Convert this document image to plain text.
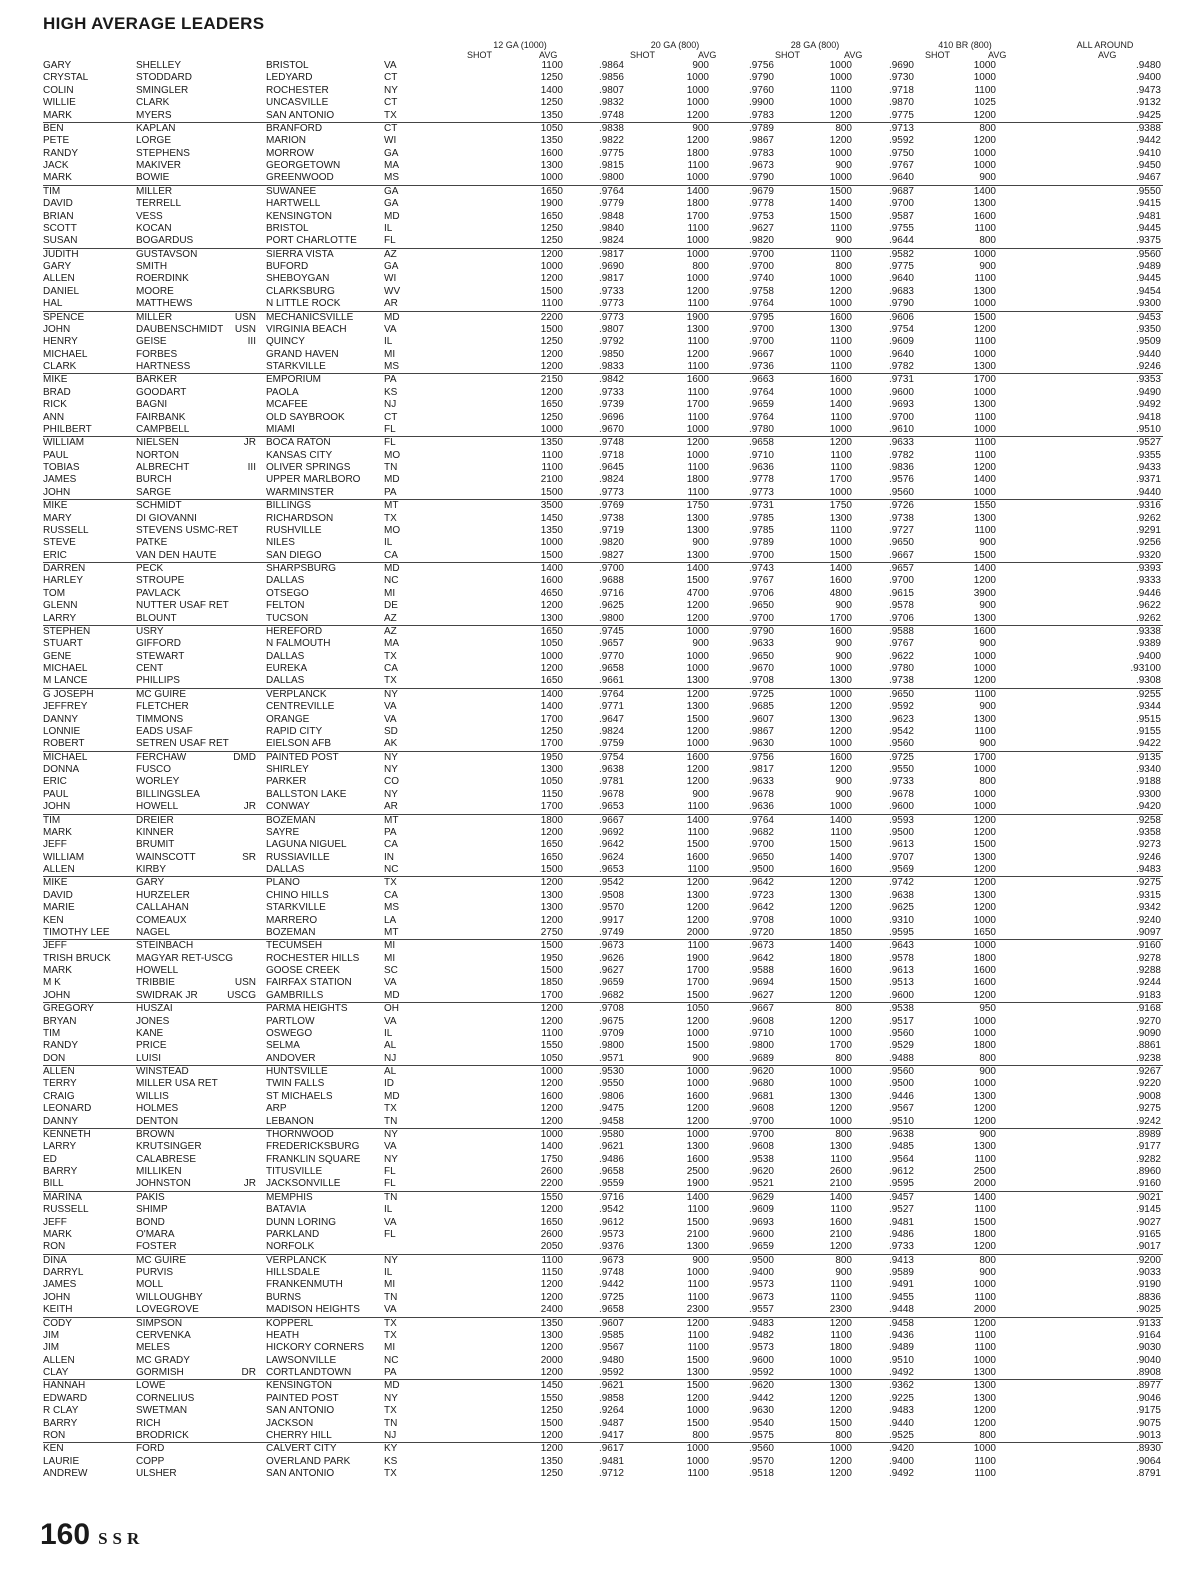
HIGH AVERAGE LEADERS
12 GA (1000)	20 GA (800)	28 GA (800)	410 BR (800)	ALL AROUND
SHOT	AVG	SHOT	AVG	SHOT	AVG	SHOT	AVG	AVG
GARY	SHELLEY	BRISTOL	VA		1100	.9864	900	.9756	1000	.9690	1000	.9480	
CRYSTAL	STODDARD	LEDYARD	CT		1250	.9856	1000	.9790	1000	.9730	1000	.9400	
COLIN	SMINGLER	ROCHESTER	NY		1400	.9807	1000	.9760	1100	.9718	1100	.9473	
WILLIE	CLARK	UNCASVILLE	CT		1250	.9832	1000	.9900	1000	.9870	1025	.9132	
MARK	MYERS	SAN ANTONIO	TX		1350	.9748	1200	.9783	1200	.9775	1200	.9425	
BEN	KAPLAN	BRANFORD	CT		1050	.9838	900	.9789	800	.9713	800	.9388	
PETE	LORGE	MARION	WI		1350	.9822	1200	.9867	1200	.9592	1200	.9442	
RANDY	STEPHENS	MORROW	GA		1600	.9775	1800	.9783	1000	.9750	1000	.9410	
JACK	MAKIVER	GEORGETOWN	MA		1300	.9815	1100	.9673	900	.9767	1000	.9450	
MARK	BOWIE	GREENWOOD	MS		1000	.9800	1000	.9790	1000	.9640	900	.9467	
TIM	MILLER	SUWANEE	GA		1650	.9764	1400	.9679	1500	.9687	1400	.9550	
DAVID	TERRELL	HARTWELL	GA		1900	.9779	1800	.9778	1400	.9700	1300	.9415	
BRIAN	VESS	KENSINGTON	MD		1650	.9848	1700	.9753	1500	.9587	1600	.9481	
SCOTT	KOCAN	BRISTOL	IL		1250	.9840	1100	.9627	1100	.9755	1100	.9445	
SUSAN	BOGARDUS	PORT CHARLOTTE	FL		1250	.9824	1000	.9820	900	.9644	800	.9375	
JUDITH	GUSTAVSON	SIERRA VISTA	AZ		1200	.9817	1000	.9700	1100	.9582	1000	.9560	
GARY	SMITH	BUFORD	GA		1000	.9690	800	.9700	800	.9775	900	.9489	
ALLEN	ROERDINK	SHEBOYGAN	WI		1200	.9817	1000	.9740	1000	.9640	1100	.9445	
DANIEL	MOORE	CLARKSBURG	WV		1500	.9733	1200	.9758	1200	.9683	1300	.9454	
HAL	MATTHEWS	N LITTLE ROCK	AR		1100	.9773	1100	.9764	1000	.9790	1000	.9300	
SPENCE	MILLER USN	MECHANICSVILLE	MD		2200	.9773	1900	.9795	1600	.9606	1500	.9453	
JOHN	DAUBENSCHMIDT USN	VIRGINIA BEACH	VA		1500	.9807	1300	.9700	1300	.9754	1200	.9350	
HENRY	GEISE III	QUINCY	IL		1250	.9792	1100	.9700	1100	.9609	1100	.9509	
MICHAEL	FORBES	GRAND HAVEN	MI		1200	.9850	1200	.9667	1000	.9640	1000	.9440	
CLARK	HARTNESS	STARKVILLE	MS		1200	.9833	1100	.9736	1100	.9782	1300	.9246	
MIKE	BARKER	EMPORIUM	PA		2150	.9842	1600	.9663	1600	.9731	1700	.9353	
BRAD	GOODART	PAOLA	KS		1200	.9733	1100	.9764	1000	.9600	1000	.9490	
RICK	BAGNI	MCAFEE	NJ		1650	.9739	1700	.9659	1400	.9693	1300	.9492	
ANN	FAIRBANK	OLD SAYBROOK	CT		1250	.9696	1100	.9764	1100	.9700	1100	.9418	
PHILBERT	CAMPBELL	MIAMI	FL		1000	.9670	1000	.9780	1000	.9610	1000	.9510	
WILLIAM	NIELSEN JR	BOCA RATON	FL		1350	.9748	1200	.9658	1200	.9633	1100	.9527	
PAUL	NORTON	KANSAS CITY	MO		1100	.9718	1000	.9710	1100	.9782	1100	.9355	
TOBIAS	ALBRECHT III	OLIVER SPRINGS	TN		1100	.9645	1100	.9636	1100	.9836	1200	.9433	
JAMES	BURCH	UPPER MARLBORO	MD		2100	.9824	1800	.9778	1700	.9576	1400	.9371	
JOHN	SARGE	WARMINSTER	PA		1500	.9773	1100	.9773	1000	.9560	1000	.9440	
MIKE	SCHMIDT	BILLINGS	MT		3500	.9769	1750	.9731	1750	.9726	1550	.9316	
MARY	DI GIOVANNI	RICHARDSON	TX		1450	.9738	1300	.9785	1300	.9738	1300	.9262	
RUSSELL	STEVENS USMC-RET	RUSHVILLE	MO		1350	.9719	1300	.9785	1100	.9727	1100	.9291	
STEVE	PATKE	NILES	IL		1000	.9820	900	.9789	1000	.9650	900	.9256	
ERIC	VAN DEN HAUTE	SAN DIEGO	CA		1500	.9827	1300	.9700	1500	.9667	1500	.9320	
DARREN	PECK	SHARPSBURG	MD		1400	.9700	1400	.9743	1400	.9657	1400	.9393	
HARLEY	STROUPE	DALLAS	NC		1600	.9688	1500	.9767	1600	.9700	1200	.9333	
TOM	PAVLACK	OTSEGO	MI		4650	.9716	4700	.9706	4800	.9615	3900	.9446	
GLENN	NUTTER USAF RET	FELTON	DE		1200	.9625	1200	.9650	900	.9578	900	.9622	
LARRY	BLOUNT	TUCSON	AZ		1300	.9800	1200	.9700	1700	.9706	1300	.9262	
STEPHEN	USRY	HEREFORD	AZ		1650	.9745	1000	.9790	1600	.9588	1600	.9338	
STUART	GIFFORD	N FALMOUTH	MA		1050	.9657	900	.9633	900	.9767	900	.9389	
GENE	STEWART	DALLAS	TX		1000	.9770	1000	.9650	900	.9622	1000	.9400	
MICHAEL	CENT	EUREKA	CA		1200	.9658	1000	.9670	1000	.9780	1000	.93100	
M LANCE	PHILLIPS	DALLAS	TX		1650	.9661	1300	.9708	1300	.9738	1200	.9308	
G JOSEPH	MC GUIRE	VERPLANCK	NY		1400	.9764	1200	.9725	1000	.9650	1100	.9255	
JEFFREY	FLETCHER	CENTREVILLE	VA		1400	.9771	1300	.9685	1200	.9592	900	.9344	
DANNY	TIMMONS	ORANGE	VA		1700	.9647	1500	.9607	1300	.9623	1300	.9515	
LONNIE	EADS USAF	RAPID CITY	SD		1250	.9824	1200	.9867	1200	.9542	1100	.9155	
ROBERT	SETREN USAF RET	EIELSON AFB	AK		1700	.9759	1000	.9630	1000	.9560	900	.9422	
MICHAEL	FERCHAW DMD	PAINTED POST	NY		1950	.9754	1600	.9756	1600	.9725	1700	.9135	
DONNA	FUSCO	SHIRLEY	NY		1300	.9638	1200	.9817	1200	.9550	1000	.9340	
ERIC	WORLEY	PARKER	CO		1050	.9781	1200	.9633	900	.9733	800	.9188	
PAUL	BILLINGSLEA	BALLSTON LAKE	NY		1150	.9678	900	.9678	900	.9678	1000	.9300	
JOHN	HOWELL JR	CONWAY	AR		1700	.9653	1100	.9636	1000	.9600	1000	.9420	
TIM	DREIER	BOZEMAN	MT		1800	.9667	1400	.9764	1400	.9593	1200	.9258	
MARK	KINNER	SAYRE	PA		1200	.9692	1100	.9682	1100	.9500	1200	.9358	
JEFF	BRUMIT	LAGUNA NIGUEL	CA		1650	.9642	1500	.9700	1500	.9613	1500	.9273	
WILLIAM	WAINSCOTT SR	RUSSIAVILLE	IN		1650	.9624	1600	.9650	1400	.9707	1300	.9246	
ALLEN	KIRBY	DALLAS	NC		1500	.9653	1100	.9500	1600	.9569	1200	.9483	
MIKE	GARY	PLANO	TX		1200	.9542	1200	.9642	1200	.9742	1200	.9275	
DAVID	HURZELER	CHINO HILLS	CA		1300	.9508	1300	.9723	1300	.9638	1300	.9315	
MARIE	CALLAHAN	STARKVILLE	MS		1300	.9570	1200	.9642	1200	.9625	1200	.9342	
KEN	COMEAUX	MARRERO	LA		1200	.9917	1200	.9708	1000	.9310	1000	.9240	
TIMOTHY LEE	NAGEL	BOZEMAN	MT		2750	.9749	2000	.9720	1850	.9595	1650	.9097	
JEFF	STEINBACH	TECUMSEH	MI		1500	.9673	1100	.9673	1400	.9643	1000	.9160	
TRISH BRUCK	MAGYAR RET-USCG	ROCHESTER HILLS	MI		1950	.9626	1900	.9642	1800	.9578	1800	.9278	
MARK	HOWELL	GOOSE CREEK	SC		1500	.9627	1700	.9588	1600	.9613	1600	.9288	
M K	TRIBBIE USN	FAIRFAX STATION	VA		1850	.9659	1700	.9694	1500	.9513	1600	.9244	
JOHN	SWIDRAK JR USCG	GAMBRILLS	MD		1700	.9682	1500	.9627	1200	.9600	1200	.9183	
GREGORY	HUSZAI	PARMA HEIGHTS	OH		1200	.9708	1050	.9667	800	.9538	950	.9168	
BRYAN	JONES	PARTLOW	VA		1200	.9675	1200	.9608	1200	.9517	1000	.9270	
TIM	KANE	OSWEGO	IL		1100	.9709	1000	.9710	1000	.9560	1000	.9090	
RANDY	PRICE	SELMA	AL		1550	.9800	1500	.9800	1700	.9529	1800	.8861	
DON	LUISI	ANDOVER	NJ		1050	.9571	900	.9689	800	.9488	800	.9238	
ALLEN	WINSTEAD	HUNTSVILLE	AL		1000	.9530	1000	.9620	1000	.9560	900	.9267	
TERRY	MILLER USA RET	TWIN FALLS	ID		1200	.9550	1000	.9680	1000	.9500	1000	.9220	
CRAIG	WILLIS	ST MICHAELS	MD		1600	.9806	1600	.9681	1300	.9446	1300	.9008	
LEONARD	HOLMES	ARP	TX		1200	.9475	1200	.9608	1200	.9567	1200	.9275	
DANNY	DENTON	LEBANON	TN		1200	.9458	1200	.9700	1000	.9510	1200	.9242	
KENNETH	BROWN	THORNWOOD	NY		1000	.9580	1000	.9700	800	.9638	900	.8989	
LARRY	KRUTSINGER	FREDERICKSBURG	VA		1400	.9621	1300	.9608	1300	.9485	1300	.9177	
ED	CALABRESE	FRANKLIN SQUARE	NY		1750	.9486	1600	.9538	1100	.9564	1100	.9282	
BARRY	MILLIKEN	TITUSVILLE	FL		2600	.9658	2500	.9620	2600	.9612	2500	.8960	
BILL	JOHNSTON JR	JACKSONVILLE	FL		2200	.9559	1900	.9521	2100	.9595	2000	.9160	
MARINA	PAKIS	MEMPHIS	TN		1550	.9716	1400	.9629	1400	.9457	1400	.9021	
RUSSELL	SHIMP	BATAVIA	IL		1200	.9542	1100	.9609	1100	.9527	1100	.9145	
JEFF	BOND	DUNN LORING	VA		1650	.9612	1500	.9693	1600	.9481	1500	.9027	
MARK	O'MARA	PARKLAND	FL		2600	.9573	2100	.9600	2100	.9486	1800	.9165	
RON	FOSTER	NORFOLK			2050	.9376	1300	.9659	1200	.9733	1200	.9017	
DINA	MC GUIRE	VERPLANCK	NY		1100	.9673	900	.9500	800	.9413	800	.9200	
DARRYL	PURVIS	HILLSDALE	IL		1150	.9748	1000	.9400	900	.9589	900	.9033	
JAMES	MOLL	FRANKENMUTH	MI		1200	.9442	1100	.9573	1100	.9491	1000	.9190	
JOHN	WILLOUGHBY	BURNS	TN		1200	.9725	1100	.9673	1100	.9455	1100	.8836	
KEITH	LOVEGROVE	MADISON HEIGHTS	VA		2400	.9658	2300	.9557	2300	.9448	2000	.9025	
CODY	SIMPSON	KOPPERL	TX		1350	.9607	1200	.9483	1200	.9458	1200	.9133	
JIM	CERVENKA	HEATH	TX		1300	.9585	1100	.9482	1100	.9436	1100	.9164	
JIM	MELES	HICKORY CORNERS	MI		1200	.9567	1100	.9573	1800	.9489	1100	.9030	
ALLEN	MC GRADY	LAWSONVILLE	NC		2000	.9480	1500	.9600	1000	.9510	1000	.9040	
CLAY	GORMISH DR	CORTLANDTOWN	PA		1200	.9592	1300	.9592	1000	.9492	1300	.8908	
HANNAH	LOWE	KENSINGTON	MD		1450	.9621	1500	.9620	1300	.9362	1300	.8977	
EDWARD	CORNELIUS	PAINTED POST	NY		1550	.9858	1200	.9442	1200	.9225	1300	.9046	
R CLAY	SWETMAN	SAN ANTONIO	TX		1250	.9264	1000	.9630	1200	.9483	1200	.9175	
BARRY	RICH	JACKSON	TN		1500	.9487	1500	.9540	1500	.9440	1200	.9075	
RON	BRODRICK	CHERRY HILL	NJ		1200	.9417	800	.9575	800	.9525	800	.9013	
KEN	FORD	CALVERT CITY	KY		1200	.9617	1000	.9560	1000	.9420	1000	.8930	
LAURIE	COPP	OVERLAND PARK	KS		1350	.9481	1000	.9570	1200	.9400	1100	.9064	
ANDREW	ULSHER	SAN ANTONIO	TX		1250	.9712	1100	.9518	1200	.9492	1100	.8791	
160 SSR
